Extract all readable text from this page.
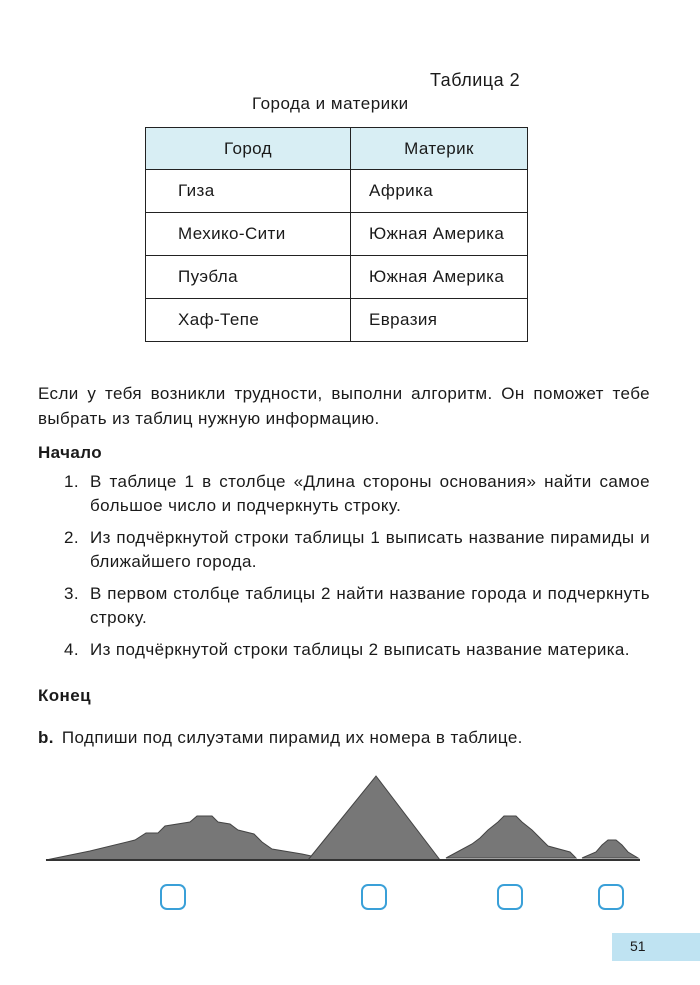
Таблица 2
Города и материки
Город	Материк
Гиза	Африка
Мехико-Сити	Южная Америка
Пуэбла	Южная Америка
Хаф-Тепе	Евразия
Если у тебя возникли трудности, выполни алгоритм. Он поможет тебе выбрать из таблиц нужную информацию.
Начало
1. В таблице 1 в столбце «Длина стороны основания» найти самое большое число и подчеркнуть строку.
2. Из подчёркнутой строки таблицы 1 выписать название пирамиды и ближайшего города.
3. В первом столбце таблицы 2 найти название города и подчеркнуть строку.
4. Из подчёркнутой строки таблицы 2 выписать название материка.
Конец
b. Подпиши под силуэтами пирамид их номера в таблице.
51
